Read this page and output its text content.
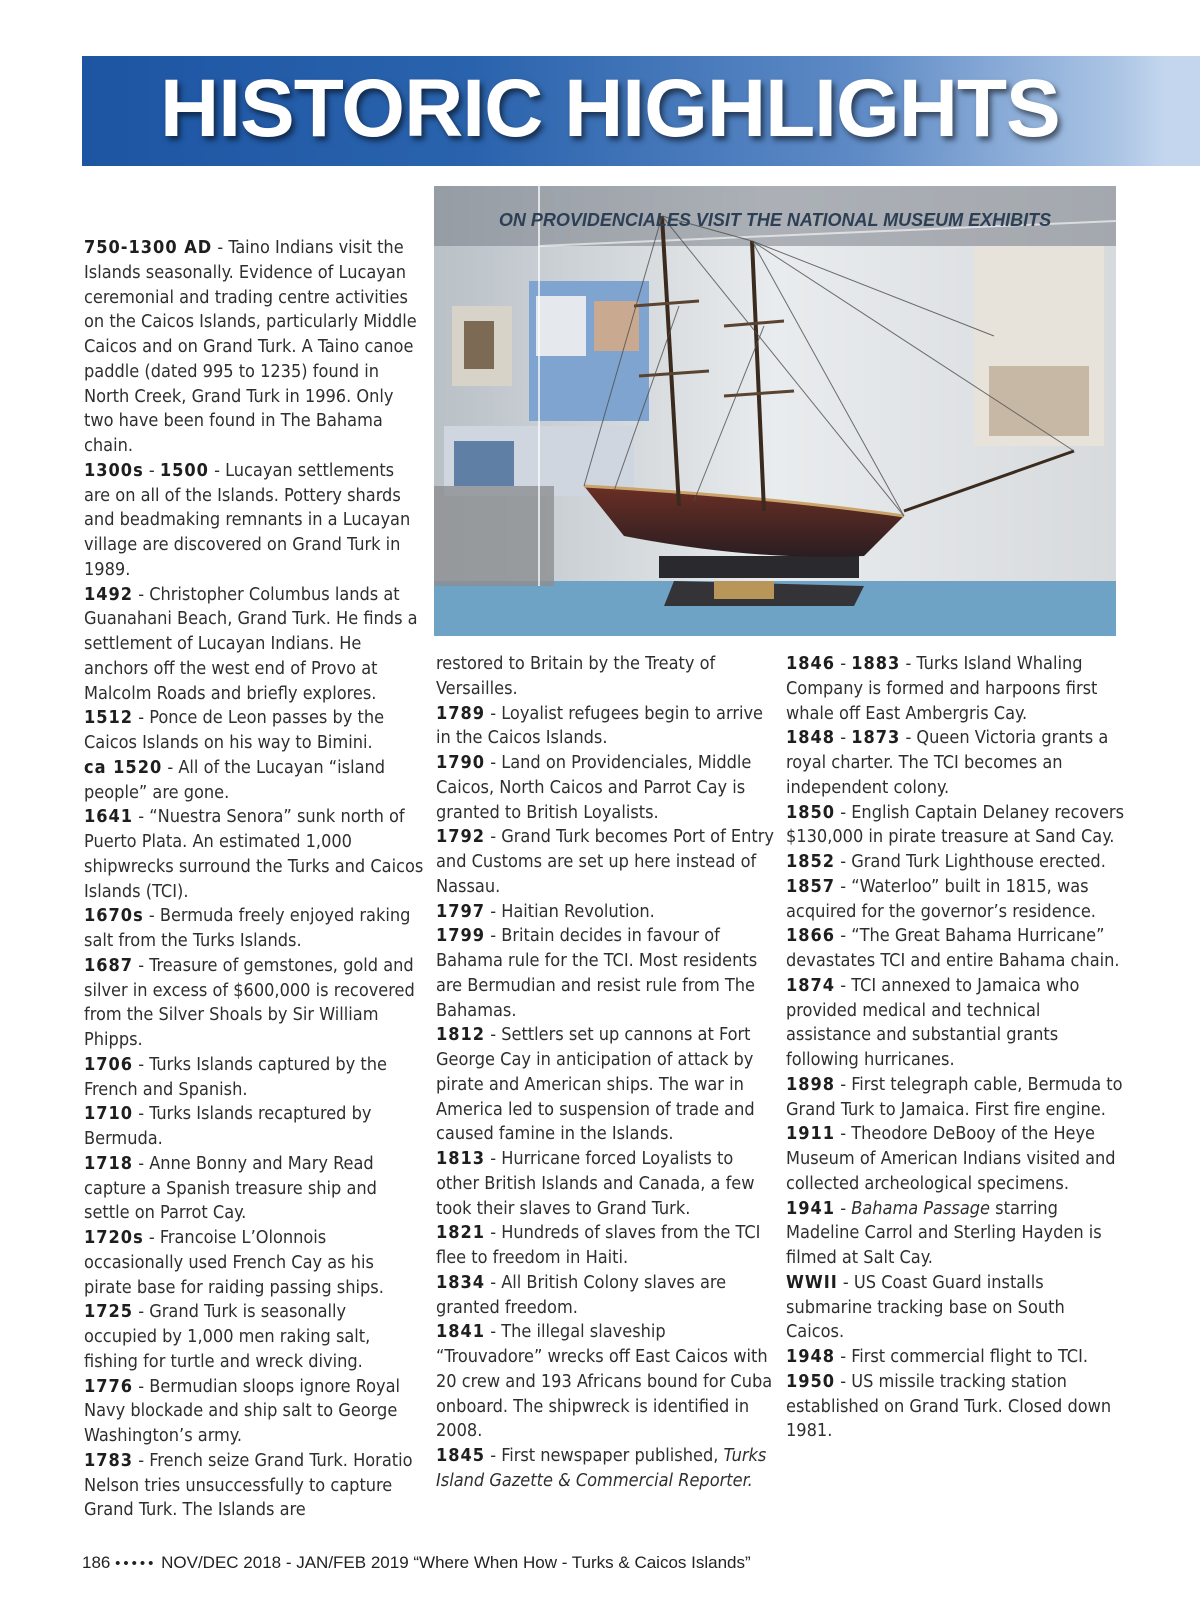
HISTORIC HIGHLIGHTS
ON PROVIDENCIALES VISIT THE NATIONAL MUSEUM EXHIBITS

750-1300 AD - Taino Indians visit the Islands seasonally. Evidence of Lucayan ceremonial and trading centre activities on the Caicos Islands, particularly Middle Caicos and on Grand Turk. A Taino canoe paddle (dated 995 to 1235) found in North Creek, Grand Turk in 1996. Only two have been found in The Bahama chain.

1300s - 1500 - Lucayan settlements are on all of the Islands. Pottery shards and beadmaking remnants in a Lucayan village are discovered on Grand Turk in 1989.

1492 - Christopher Columbus lands at Guanahani Beach, Grand Turk. He finds a settlement of Lucayan Indians. He anchors off the west end of Provo at Malcolm Roads and briefly explores.

1512 - Ponce de Leon passes by the Caicos Islands on his way to Bimini.

ca 1520 - All of the Lucayan “island people” are gone.

1641 - “Nuestra Senora” sunk north of Puerto Plata. An estimated 1,000 shipwrecks surround the Turks and Caicos Islands (TCI).

1670s - Bermuda freely enjoyed raking salt from the Turks Islands.

1687 - Treasure of gemstones, gold and silver in excess of $600,000 is recovered from the Silver Shoals by Sir William Phipps.

1706 - Turks Islands captured by the French and Spanish.

1710 - Turks Islands recaptured by Bermuda.

1718 - Anne Bonny and Mary Read capture a Spanish treasure ship and settle on Parrot Cay.

1720s - Francoise L’Olonnois occasionally used French Cay as his pirate base for raiding passing ships.

1725 - Grand Turk is seasonally occupied by 1,000 men raking salt, fishing for turtle and wreck diving.

1776 - Bermudian sloops ignore Royal Navy blockade and ship salt to George Washington’s army.

1783 - French seize Grand Turk. Horatio Nelson tries unsuccessfully to capture Grand Turk. The Islands are

restored to Britain by the Treaty of Versailles.

1789 - Loyalist refugees begin to arrive in the Caicos Islands.

1790 - Land on Providenciales, Middle Caicos, North Caicos and Parrot Cay is granted to British Loyalists.

1792 - Grand Turk becomes Port of Entry and Customs are set up here instead of Nassau.

1797 - Haitian Revolution.

1799 - Britain decides in favour of Bahama rule for the TCI. Most residents are Bermudian and resist rule from The Bahamas.

1812 - Settlers set up cannons at Fort George Cay in anticipation of attack by pirate and American ships. The war in America led to suspension of trade and caused famine in the Islands.

1813 - Hurricane forced Loyalists to other British Islands and Canada, a few took their slaves to Grand Turk.

1821 - Hundreds of slaves from the TCI flee to freedom in Haiti.

1834 - All British Colony slaves are granted freedom.

1841 - The illegal slaveship “Trouvadore” wrecks off East Caicos with 20 crew and 193 Africans bound for Cuba onboard. The shipwreck is identified in 2008.

1845 - First newspaper published, Turks Island Gazette & Commercial Reporter.

1846 - 1883 - Turks Island Whaling Company is formed and harpoons first whale off East Ambergris Cay.

1848 - 1873 - Queen Victoria grants a royal charter. The TCI becomes an independent colony.

1850 - English Captain Delaney recovers $130,000 in pirate treasure at Sand Cay.

1852 - Grand Turk Lighthouse erected.

1857 - “Waterloo” built in 1815, was acquired for the governor’s residence.

1866 - “The Great Bahama Hurricane” devastates TCI and entire Bahama chain.

1874 - TCI annexed to Jamaica who provided medical and technical assistance and substantial grants following hurricanes.

1898 - First telegraph cable, Bermuda to Grand Turk to Jamaica. First fire engine.

1911 - Theodore DeBooy of the Heye Museum of American Indians visited and collected archeological specimens.

1941 - Bahama Passage starring Madeline Carrol and Sterling Hayden is filmed at Salt Cay.

WWII - US Coast Guard installs submarine tracking base on South Caicos.

1948 - First commercial flight to TCI.

1950 - US missile tracking station established on Grand Turk. Closed down 1981.

186 ••••• NOV/DEC 2018 - JAN/FEB 2019 “Where When How - Turks & Caicos Islands”
